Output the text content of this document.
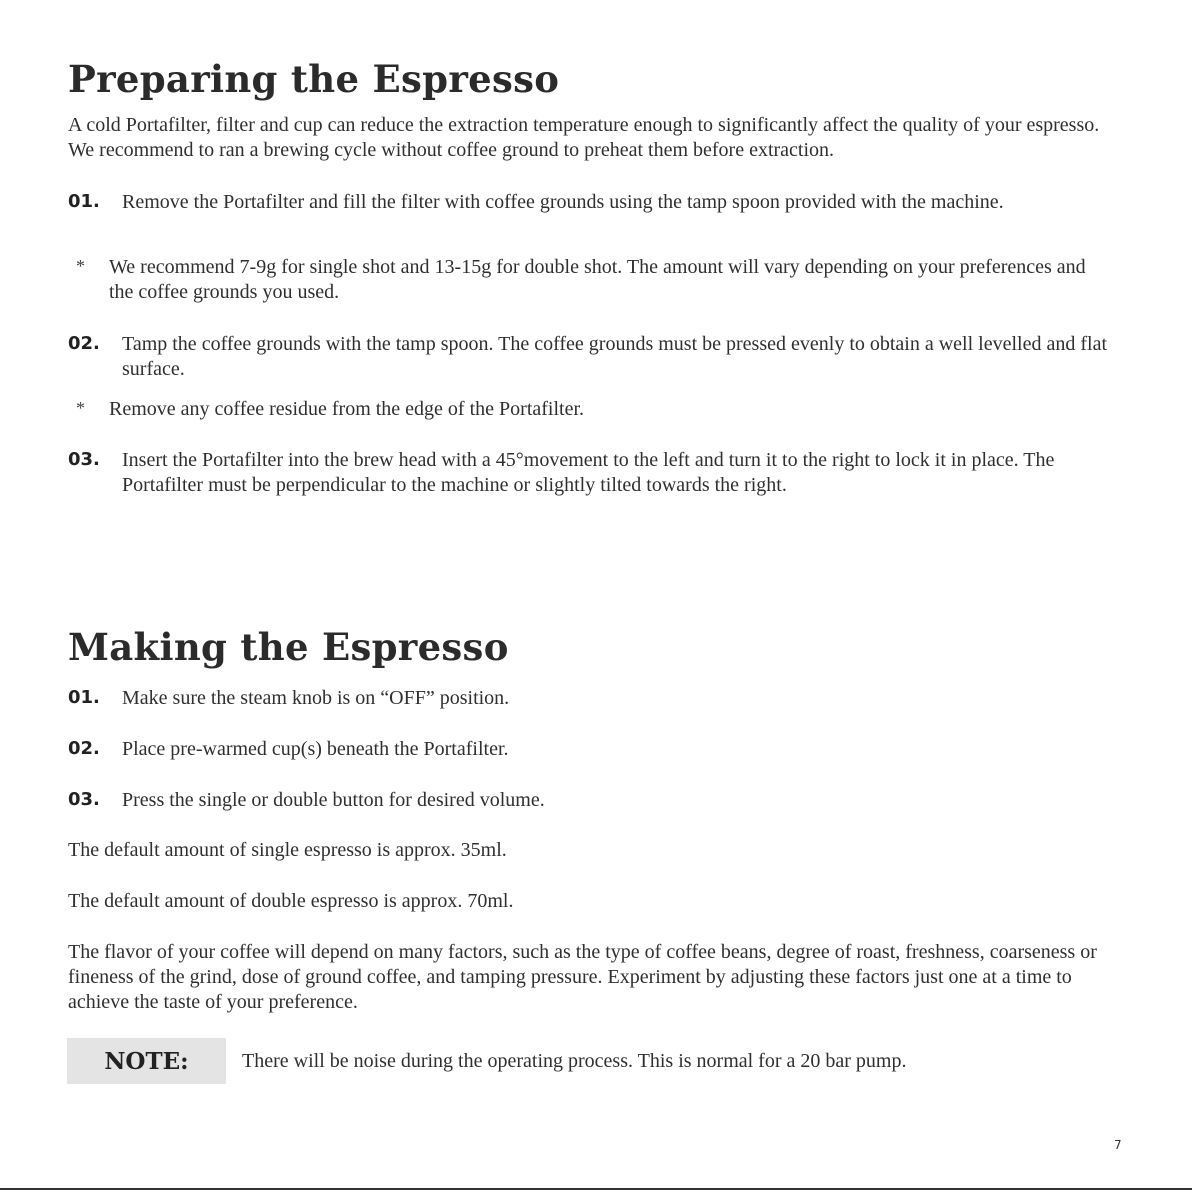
Preparing the Espresso

A cold Portafilter, filter and cup can reduce the extraction temperature enough to significantly affect the quality of your espresso. We recommend to ran a brewing cycle without coffee ground to preheat them before extraction.

01. Remove the Portafilter and fill the filter with coffee grounds using the tamp spoon provided with the machine.
* We recommend 7-9g for single shot and 13-15g for double shot. The amount will vary depending on your preferences and the coffee grounds you used.
02. Tamp the coffee grounds with the tamp spoon. The coffee grounds must be pressed evenly to obtain a well levelled and flat surface.
* Remove any coffee residue from the edge of the Portafilter.
03. Insert the Portafilter into the brew head with a 45°movement to the left and turn it to the right to lock it in place. The Portafilter must be perpendicular to the machine or slightly tilted towards the right.
Making the Espresso
01. Make sure the steam knob is on “OFF” position.
02. Place pre-warmed cup(s) beneath the Portafilter.
03. Press the single or double button for desired volume.

The default amount of single espresso is approx. 35ml.

The default amount of double espresso is approx. 70ml.

The flavor of your coffee will depend on many factors, such as the type of coffee beans, degree of roast, freshness, coarseness or fineness of the grind, dose of ground coffee, and tamping pressure. Experiment by adjusting these factors just one at a time to achieve the taste of your preference.

NOTE:	There will be noise during the operating process. This is normal for a 20 bar pump.
7
